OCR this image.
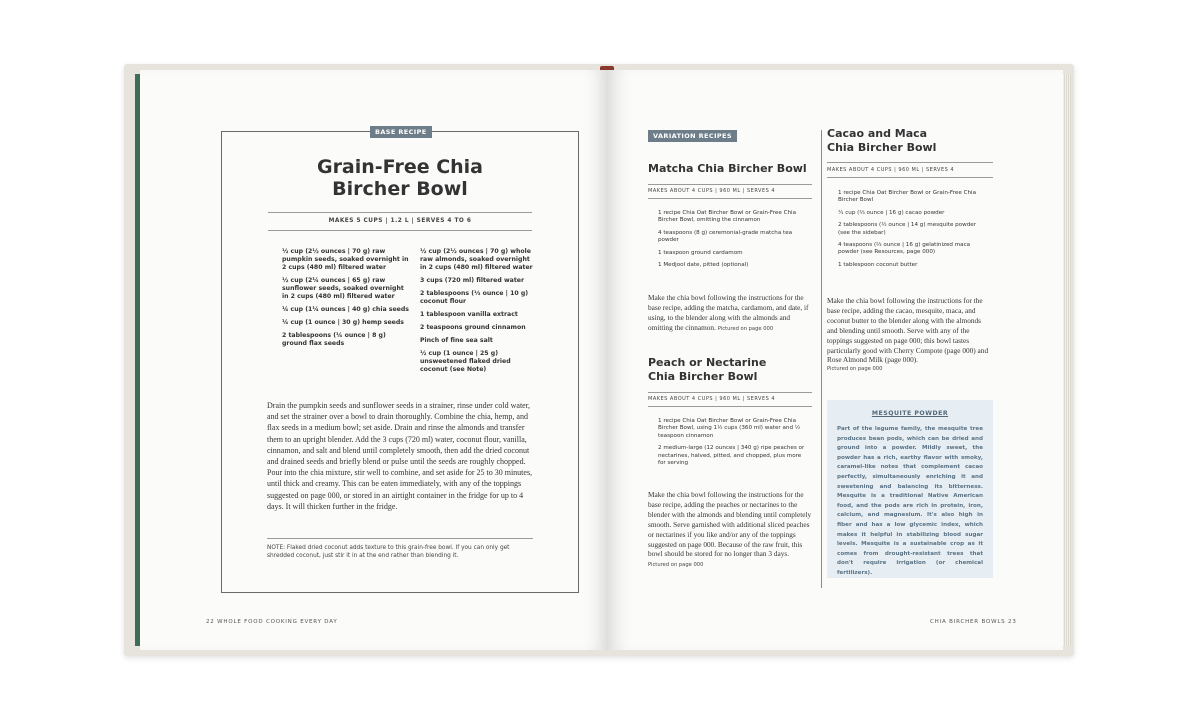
BASE RECIPE
Grain-Free Chia
Bircher Bowl
MAKES 5 CUPS | 1.2 L | SERVES 4 TO 6

½ cup (2½ ounces | 70 g) raw pumpkin seeds, soaked overnight in 2 cups (480 ml) filtered water

½ cup (2¼ ounces | 65 g) raw sunflower seeds, soaked overnight in 2 cups (480 ml) filtered water

¼ cup (1¼ ounces | 40 g) chia seeds

¼ cup (1 ounce | 30 g) hemp seeds

2 tablespoons (¼ ounce | 8 g) ground flax seeds

½ cup (2½ ounces | 70 g) whole raw almonds, soaked overnight in 2 cups (480 ml) filtered water

3 cups (720 ml) filtered water

2 tablespoons (⅓ ounce | 10 g) coconut flour

1 tablespoon vanilla extract

2 teaspoons ground cinnamon

Pinch of fine sea salt

½ cup (1 ounce | 25 g) unsweetened flaked dried coconut (see Note)

Drain the pumpkin seeds and sunflower seeds in a strainer, rinse under cold water, and set the strainer over a bowl to drain thoroughly. Combine the chia, hemp, and flax seeds in a medium bowl; set aside. Drain and rinse the almonds and transfer them to an upright blender. Add the 3 cups (720 ml) water, coconut flour, vanilla, cinnamon, and salt and blend until completely smooth, then add the dried coconut and drained seeds and briefly blend or pulse until the seeds are roughly chopped. Pour into the chia mixture, stir well to combine, and set aside for 25 to 30 minutes, until thick and creamy. This can be eaten immediately, with any of the toppings suggested on page 000, or stored in an airtight container in the fridge for up to 4 days. It will thicken further in the fridge.
NOTE: Flaked dried coconut adds texture to this grain-free bowl. If you can only get shredded coconut, just stir it in at the end rather than blending it.
22 WHOLE FOOD COOKING EVERY DAY
VARIATION RECIPES
Matcha Chia Bircher Bowl
MAKES ABOUT 4 CUPS | 960 ML | SERVES 4

1 recipe Chia Oat Bircher Bowl or Grain-Free Chia Bircher Bowl, omitting the cinnamon

4 teaspoons (8 g) ceremonial-grade matcha tea powder

1 teaspoon ground cardamom

1 Medjool date, pitted (optional)

Make the chia bowl following the instructions for the base recipe, adding the matcha, cardamom, and date, if using, to the blender along with the almonds and omitting the cinnamon. Pictured on page 000
Peach or Nectarine
Chia Bircher Bowl
MAKES ABOUT 4 CUPS | 960 ML | SERVES 4

1 recipe Chia Oat Bircher Bowl or Grain-Free Chia Bircher Bowl, using 1½ cups (360 ml) water and ½ teaspoon cinnamon

2 medium-large (12 ounces | 340 g) ripe peaches or nectarines, halved, pitted, and chopped, plus more for serving

Make the chia bowl following the instructions for the base recipe, adding the peaches or nectarines to the blender with the almonds and blending until completely smooth. Serve garnished with additional sliced peaches or nectarines if you like and/or any of the toppings suggested on page 000. Because of the raw fruit, this bowl should be stored for no longer than 3 days. Pictured on page 000
Cacao and Maca
Chia Bircher Bowl
MAKES ABOUT 4 CUPS | 960 ML | SERVES 4

1 recipe Chia Oat Bircher Bowl or Grain-Free Chia Bircher Bowl

¼ cup (⅔ ounce | 16 g) cacao powder

2 tablespoons (½ ounce | 14 g) mesquite powder (see the sidebar)

4 teaspoons (⅔ ounce | 16 g) gelatinized maca powder (see Resources, page 000)

1 tablespoon coconut butter

Make the chia bowl following the instructions for the base recipe, adding the cacao, mesquite, maca, and coconut butter to the blender along with the almonds and blending until smooth. Serve with any of the toppings suggested on page 000; this bowl tastes particularly good with Cherry Compote (page 000) and Rose Almond Milk (page 000).
Pictured on page 000
MESQUITE POWDER
Part of the legume family, the mesquite tree produces bean pods, which can be dried and ground into a powder. Mildly sweet, the powder has a rich, earthy flavor with smoky, caramel-like notes that complement cacao perfectly, simultaneously enriching it and sweetening and balancing its bitterness. Mesquite is a traditional Native American food, and the pods are rich in protein, iron, calcium, and magnesium. It's also high in fiber and has a low glycemic index, which makes it helpful in stabilizing blood sugar levels. Mesquite is a sustainable crop as it comes from drought-resistant trees that don't require irrigation (or chemical fertilizers).
CHIA BIRCHER BOWLS 23
